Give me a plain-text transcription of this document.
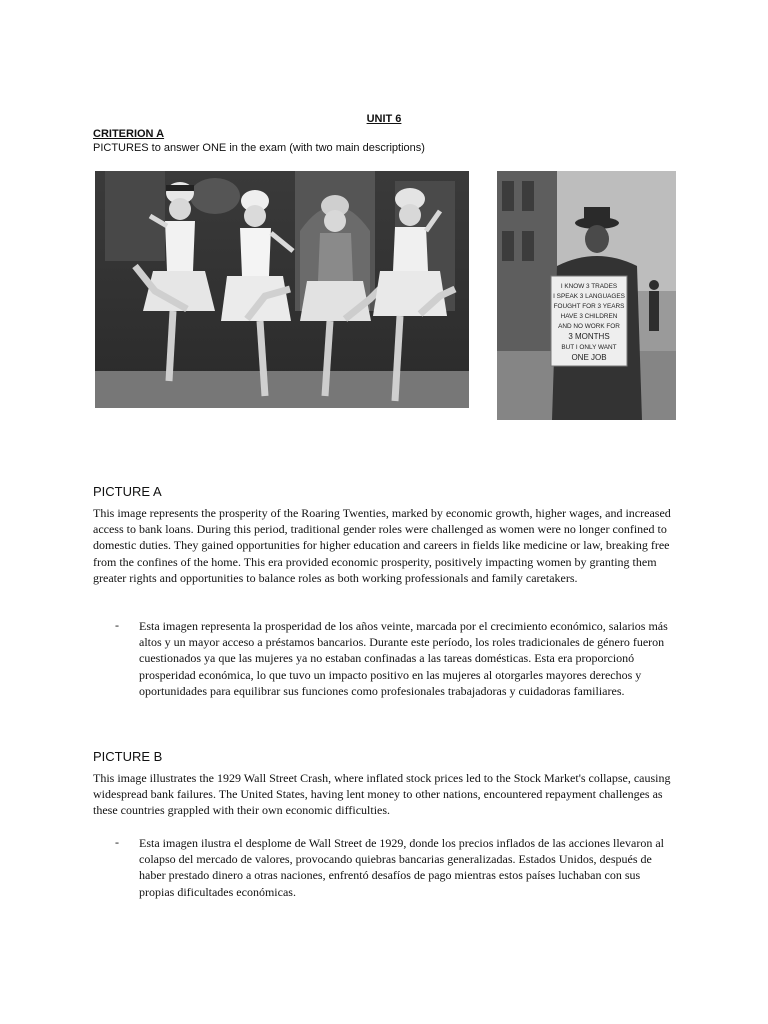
UNIT 6
CRITERION A
PICTURES to answer ONE in the exam (with two main descriptions)
I KNOW 3 TRADES
I SPEAK 3 LANGUAGES
FOUGHT FOR 3 YEARS
HAVE 3 CHILDREN
AND NO WORK FOR
3 MONTHS
BUT I ONLY WANT
ONE JOB
PICTURE A

This image represents the prosperity of the Roaring Twenties, marked by economic growth, higher wages, and increased access to bank loans. During this period, traditional gender roles were challenged as women were no longer confined to domestic duties. They gained opportunities for higher education and careers in fields like medicine or law, breaking free from the confines of the home. This era provided economic prosperity, positively impacting women by granting them greater rights and opportunities to balance roles as both working professionals and family caretakers.

- Esta imagen representa la prosperidad de los años veinte, marcada por el crecimiento económico, salarios más altos y un mayor acceso a préstamos bancarios. Durante este período, los roles tradicionales de género fueron cuestionados ya que las mujeres ya no estaban confinadas a las tareas domésticas. Esta era proporcionó prosperidad económica, lo que tuvo un impacto positivo en las mujeres al otorgarles mayores derechos y oportunidades para equilibrar sus funciones como profesionales trabajadoras y cuidadoras familiares.

PICTURE B

This image illustrates the 1929 Wall Street Crash, where inflated stock prices led to the Stock Market's collapse, causing widespread bank failures. The United States, having lent money to other nations, encountered repayment challenges as these countries grappled with their own economic difficulties.

- Esta imagen ilustra el desplome de Wall Street de 1929, donde los precios inflados de las acciones llevaron al colapso del mercado de valores, provocando quiebras bancarias generalizadas. Estados Unidos, después de haber prestado dinero a otras naciones, enfrentó desafíos de pago mientras estos países luchaban con sus propias dificultades económicas.
